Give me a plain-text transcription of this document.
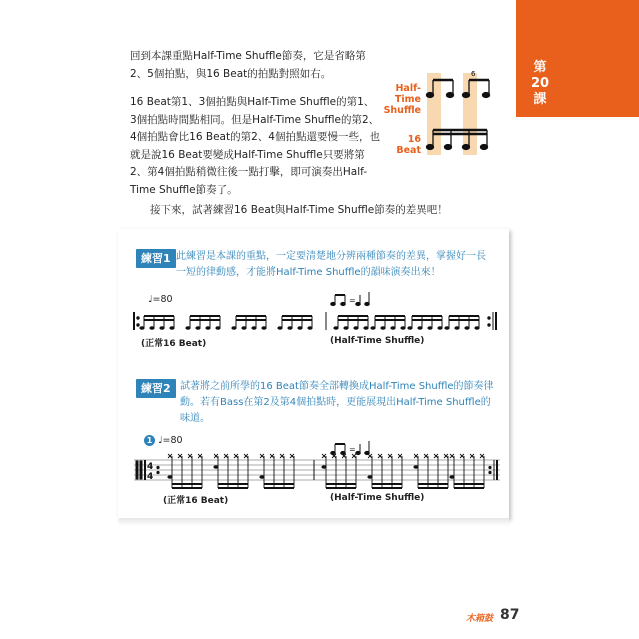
第
20
課

回到本課重點Half-Time Shuffle節奏，它是省略第2、5個拍點，與16 Beat的拍點對照如右。

16 Beat第1、3個拍點與Half-Time Shuffle的第1、3個拍點時間點相同。但是Half-Time Shuffle的第2、4個拍點會比16 Beat的第2、4個拍點還要慢一些，也就是說16 Beat要變成Half-Time Shuffle只要將第2、第4個拍點稍微往後一點打擊，即可演奏出Half-Time Shuffle節奏了。

接下來，試著練習16 Beat與Half-Time Shuffle節奏的差異吧！

Half-Time Shuffle
16 Beat
6
練習1 此練習是本課的重點，一定要清楚地分辨兩種節奏的差異，掌握好一長一短的律動感，才能將Half-Time Shuffle的韻味演奏出來！

♩=80	=
(正常16 Beat)	(Half-Time Shuffle)
練習2 試著將之前所學的16 Beat節奏全部轉換成Half-Time Shuffle的節奏律動。若有Bass在第2及第4個拍點時，更能展現出Half-Time Shuffle的味道。

1 ♩=80
4
4
=
(正常16 Beat)	(Half-Time Shuffle)
木箱鼓 87
